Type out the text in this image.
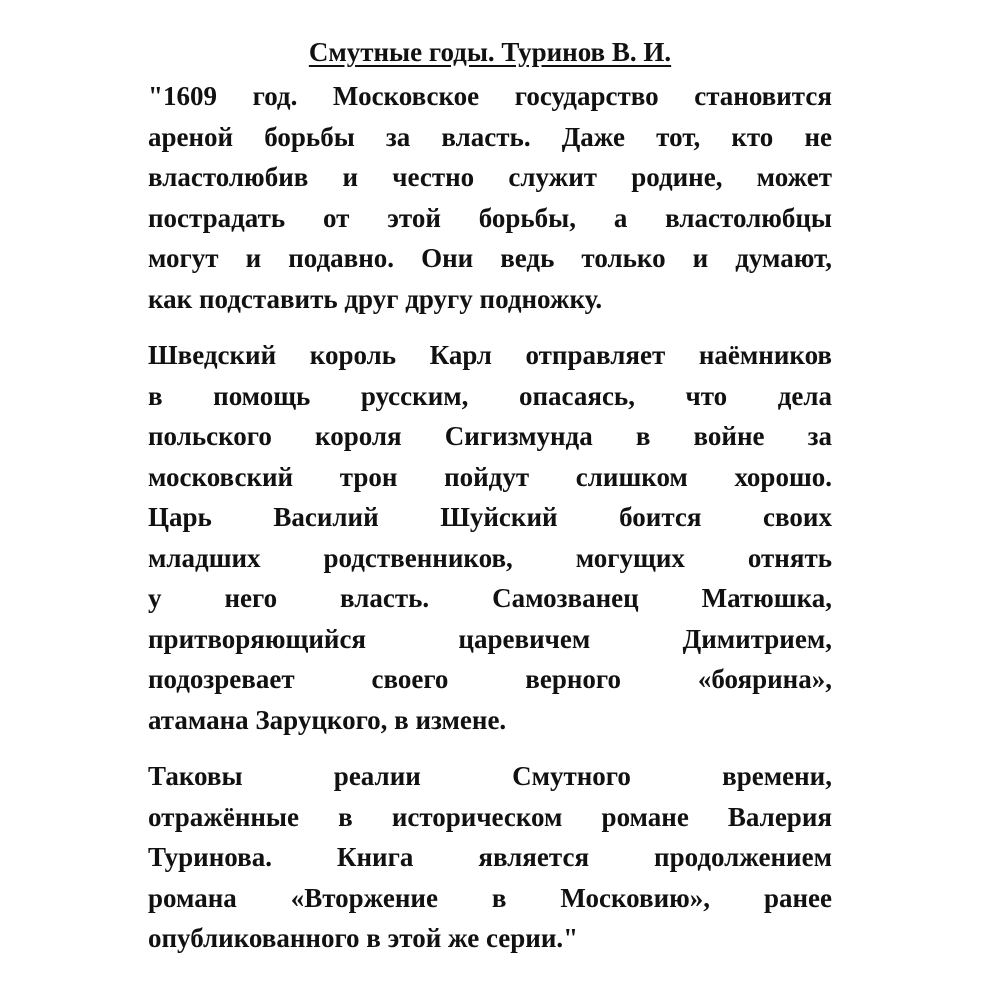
Смутные годы. Туринов В. И.
"1609 год. Московское государство становится
ареной борьбы за власть. Даже тот, кто не
властолюбив и честно служит родине, может
пострадать от этой борьбы, а властолюбцы
могут и подавно. Они ведь только и думают,
как подставить друг другу подножку.
Шведский король Карл отправляет наёмников
в помощь русским, опасаясь, что дела
польского короля Сигизмунда в войне за
московский трон пойдут слишком хорошо.
Царь Василий Шуйский боится своих
младших родственников, могущих отнять
у него власть. Самозванец Матюшка,
притворяющийся царевичем Димитрием,
подозревает своего верного «боярина»,
атамана Заруцкого, в измене.
Таковы реалии Смутного времени,
отражённые в историческом романе Валерия
Туринова. Книга является продолжением
романа «Вторжение в Московию», ранее
опубликованного в этой же серии."
